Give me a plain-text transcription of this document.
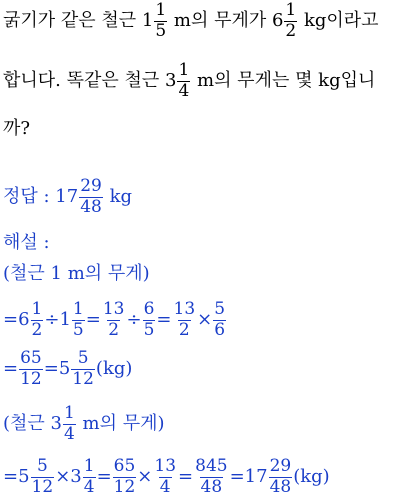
굵기가 같은 철근 $1 \frac{1}{5}$ m의 무게가 $6 \frac{1}{2}$ kg이라고
합니다. 똑같은 철근 $3 \frac{1}{4}$ m의 무게는 몇 kg입니
까?
정답 : $17 \frac{29}{48}$ kg
해설 :
(철근 1 m의 무게)
= $6 \frac{1}{2} \div 1 \frac{1}{5} = \frac{13}{2} \div \frac{6}{5} = \frac{13}{2} \times \frac{5}{6}$
= $\frac{65}{12} = 5 \frac{5}{12} (kg)$
(철근 $3 \frac{1}{4}$ m의 무게)
= $5 \frac{5}{12} \times 3 \frac{1}{4} = \frac{65}{12} \times \frac{13}{4} = \frac{845}{48} = 17 \frac{29}{48} (kg)$
